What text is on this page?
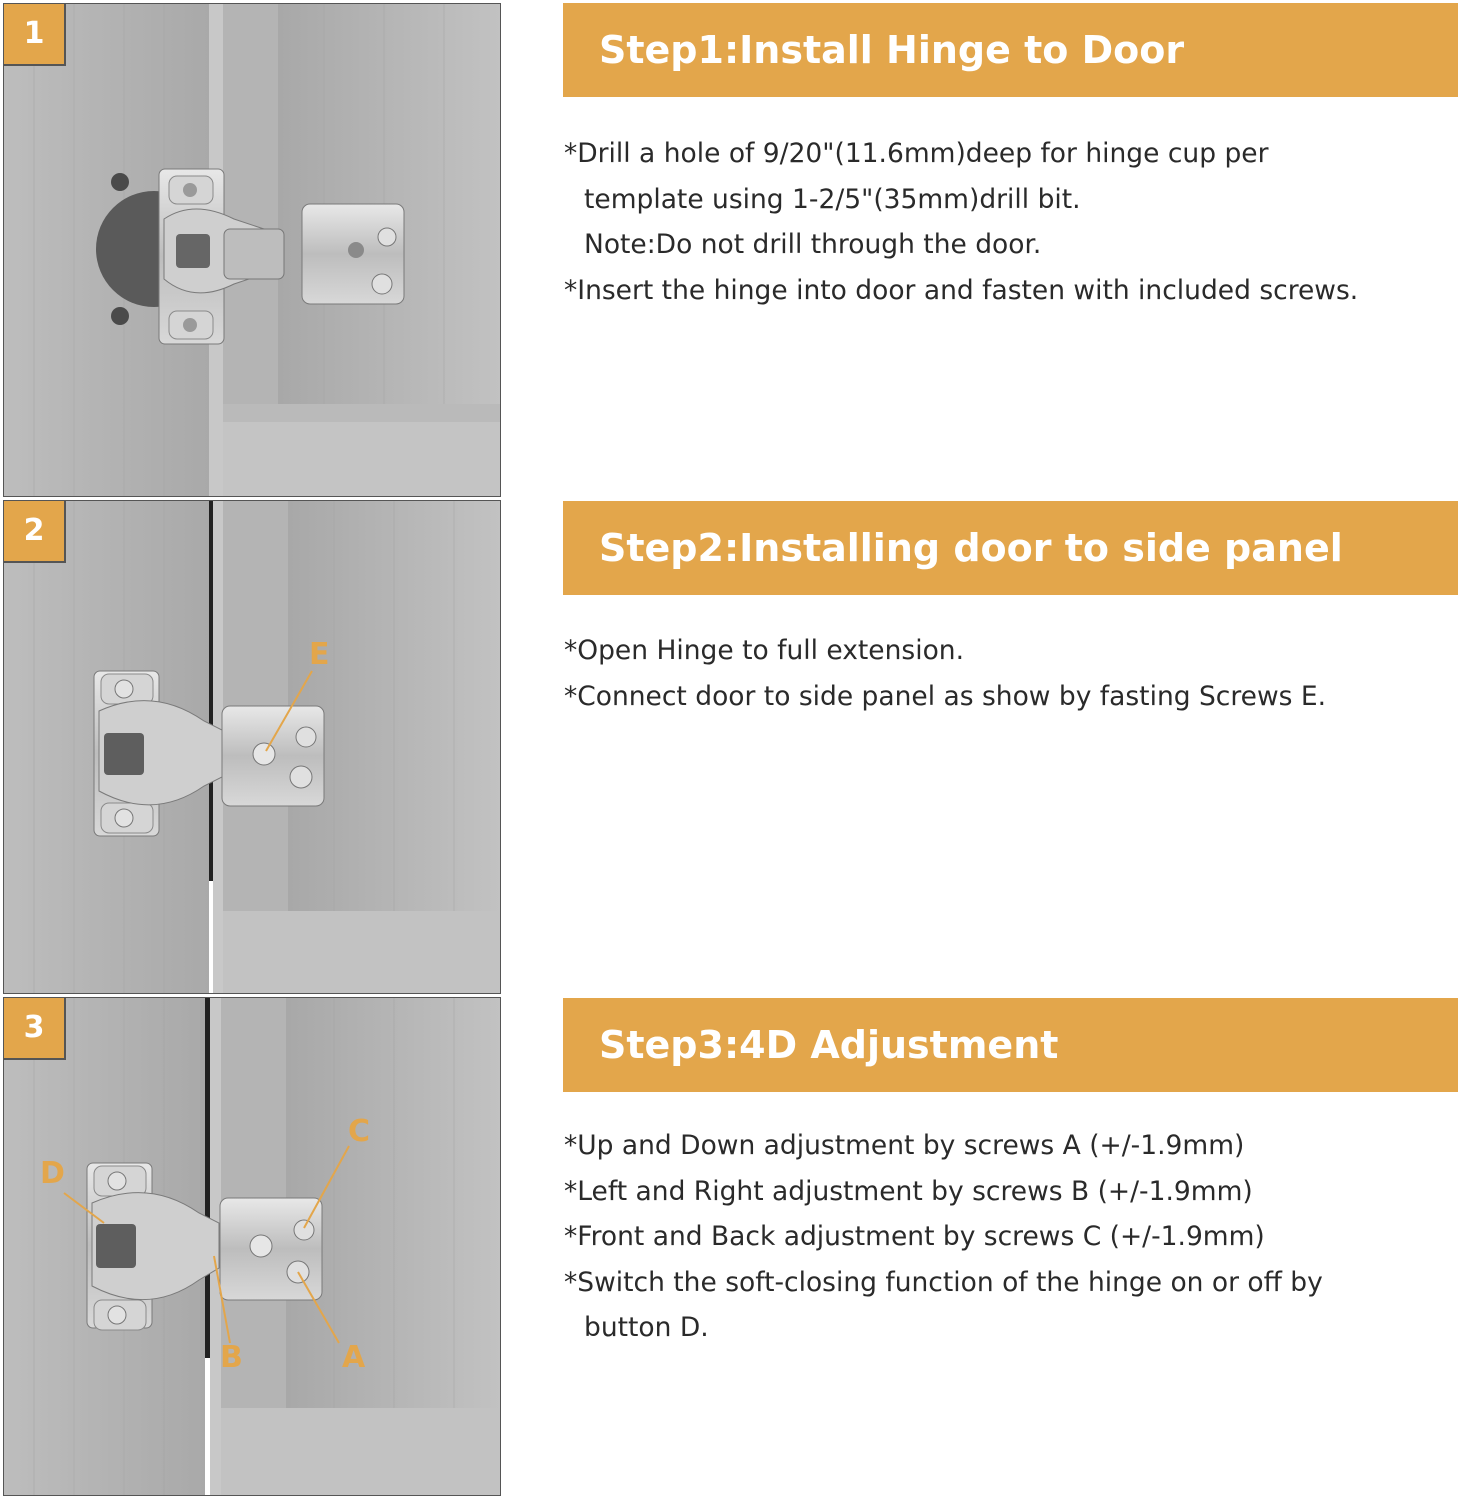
1
2
E
3
C
D
B	A
Step1:Install Hinge to Door
*Drill a hole of 9/20"(11.6mm)deep for hinge cup per
template using 1-2/5"(35mm)drill bit.
Note:Do not drill through the door.
*Insert the hinge into door and fasten with included screws.
Step2:Installing door to side panel
*Open Hinge to full extension.
*Connect door to side panel as show by fasting Screws E.
Step3:4D Adjustment
*Up and Down adjustment by screws A (+/-1.9mm)
*Left and Right adjustment by screws B (+/-1.9mm)
*Front and Back adjustment by screws C (+/-1.9mm)
*Switch the soft-closing function of the hinge on or off by
button D.
